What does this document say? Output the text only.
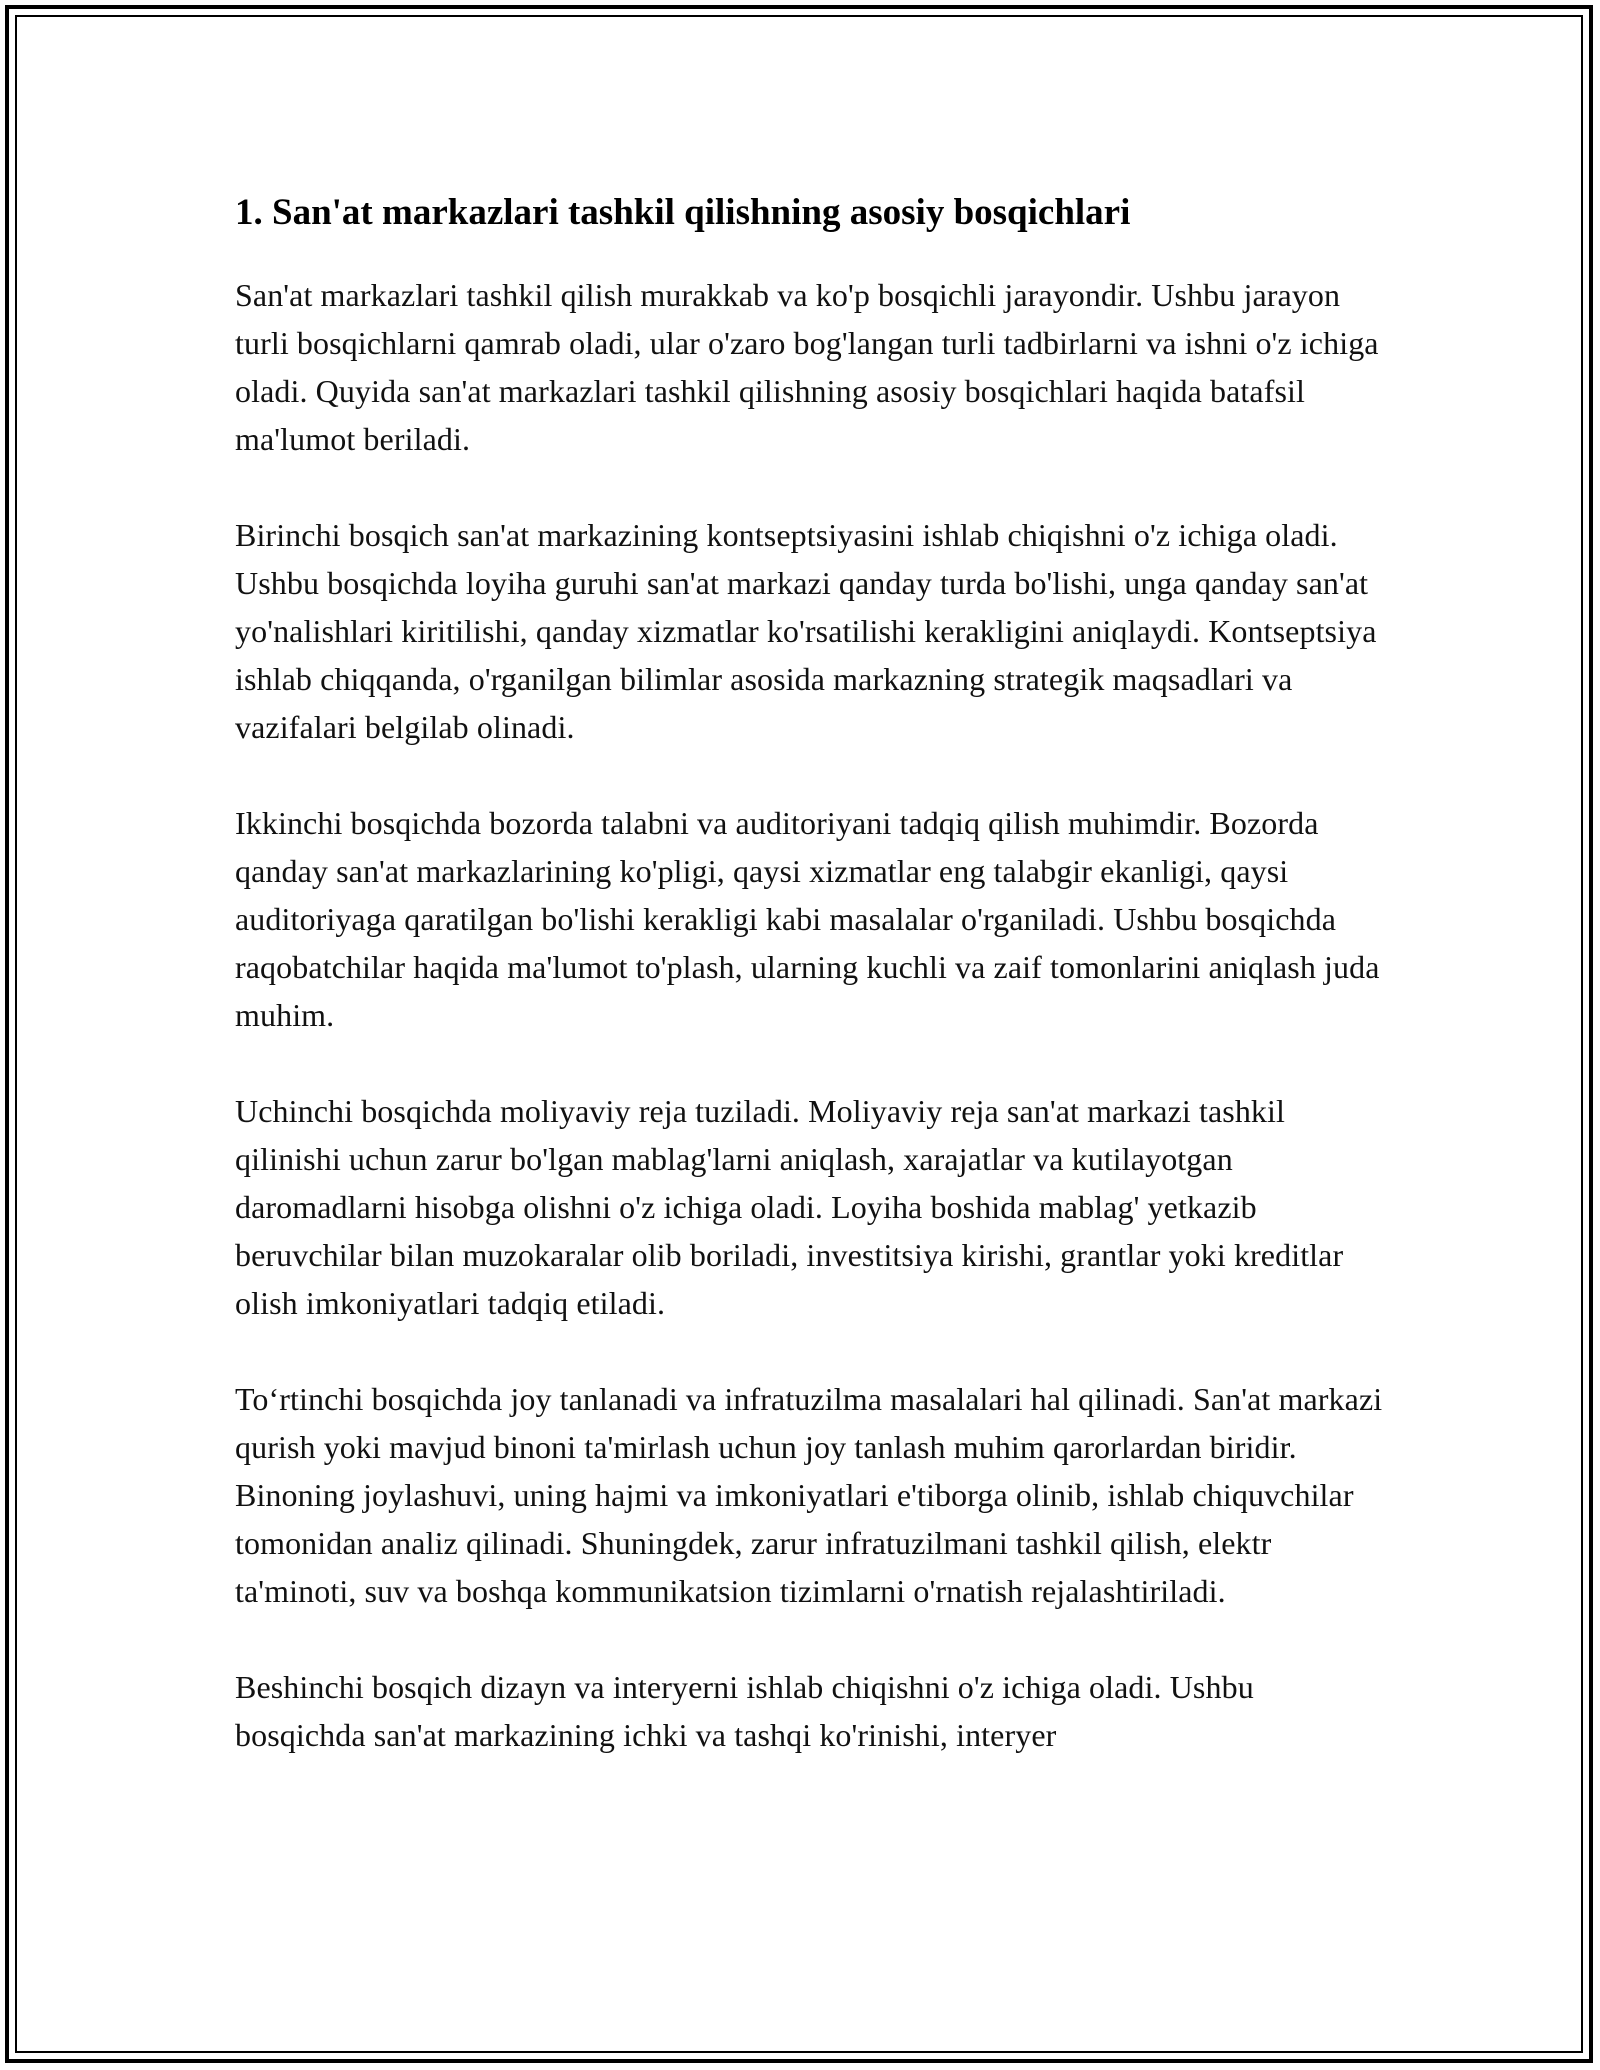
1. San'at markazlari tashkil qilishning asosiy bosqichlari

San'at markazlari tashkil qilish murakkab va ko'p bosqichli jarayondir. Ushbu jarayon turli bosqichlarni qamrab oladi, ular o'zaro bog'langan turli tadbirlarni va ishni o'z ichiga oladi. Quyida san'at markazlari tashkil qilishning asosiy bosqichlari haqida batafsil ma'lumot beriladi.

Birinchi bosqich san'at markazining kontseptsiyasini ishlab chiqishni o'z ichiga oladi. Ushbu bosqichda loyiha guruhi san'at markazi qanday turda bo'lishi, unga qanday san'at yo'nalishlari kiritilishi, qanday xizmatlar ko'rsatilishi kerakligini aniqlaydi. Kontseptsiya ishlab chiqqanda, o'rganilgan bilimlar asosida markazning strategik maqsadlari va vazifalari belgilab olinadi.

Ikkinchi bosqichda bozorda talabni va auditoriyani tadqiq qilish muhimdir. Bozorda qanday san'at markazlarining ko'pligi, qaysi xizmatlar eng talabgir ekanligi, qaysi auditoriyaga qaratilgan bo'lishi kerakligi kabi masalalar o'rganiladi. Ushbu bosqichda raqobatchilar haqida ma'lumot to'plash, ularning kuchli va zaif tomonlarini aniqlash juda muhim.

Uchinchi bosqichda moliyaviy reja tuziladi. Moliyaviy reja san'at markazi tashkil qilinishi uchun zarur bo'lgan mablag'larni aniqlash, xarajatlar va kutilayotgan daromadlarni hisobga olishni o'z ichiga oladi. Loyiha boshida mablag' yetkazib beruvchilar bilan muzokaralar olib boriladi, investitsiya kirishi, grantlar yoki kreditlar olish imkoniyatlari tadqiq etiladi.

To‘rtinchi bosqichda joy tanlanadi va infratuzilma masalalari hal qilinadi. San'at markazi qurish yoki mavjud binoni ta'mirlash uchun joy tanlash muhim qarorlardan biridir. Binoning joylashuvi, uning hajmi va imkoniyatlari e'tiborga olinib, ishlab chiquvchilar tomonidan analiz qilinadi. Shuningdek, zarur infratuzilmani tashkil qilish, elektr ta'minoti, suv va boshqa kommunikatsion tizimlarni o'rnatish rejalashtiriladi.

Beshinchi bosqich dizayn va interyerni ishlab chiqishni o'z ichiga oladi. Ushbu bosqichda san'at markazining ichki va tashqi ko'rinishi, interyer
